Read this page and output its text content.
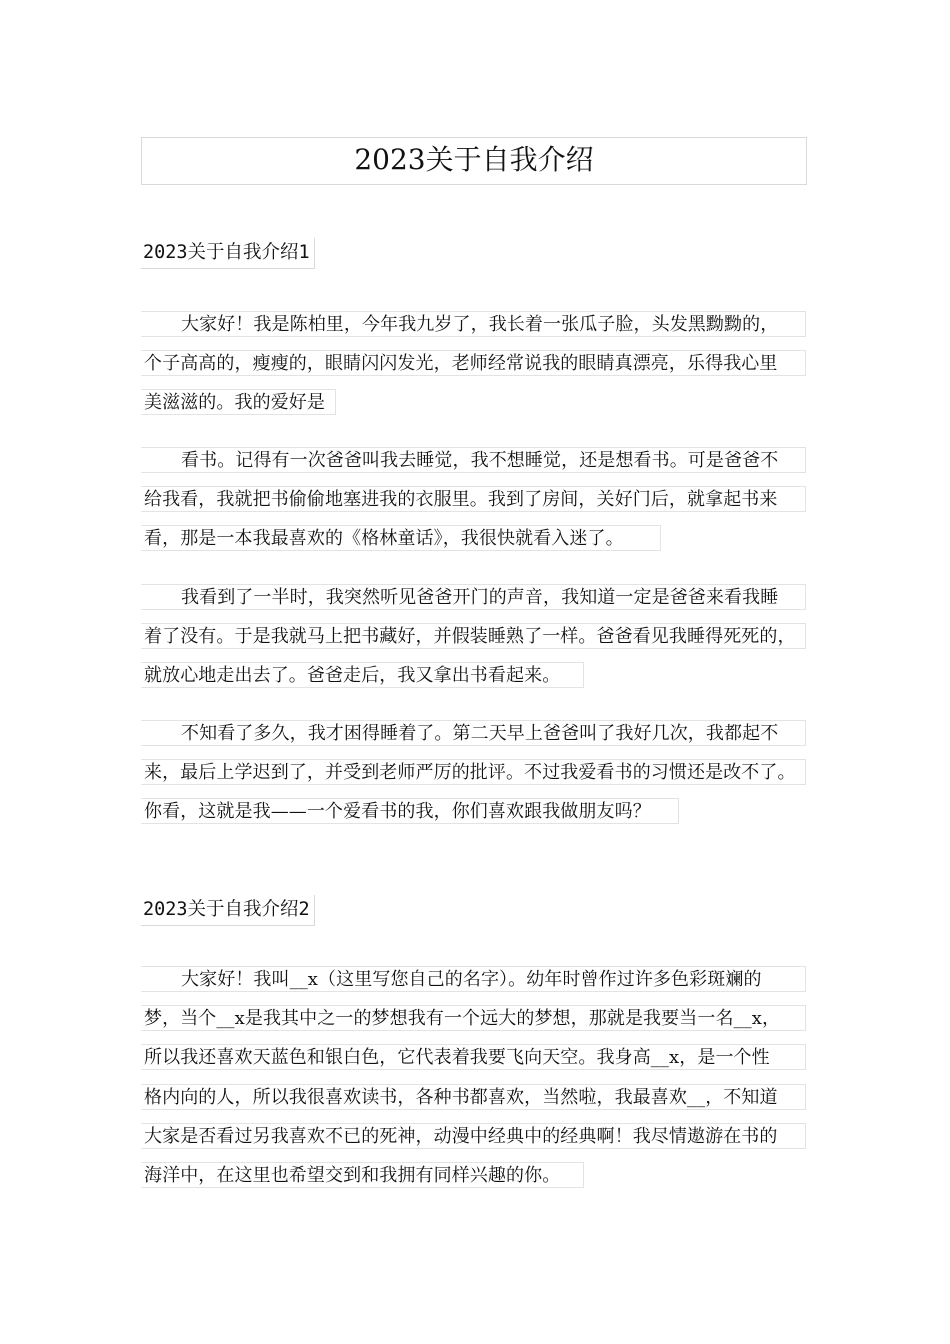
2023关于自我介绍
2023关于自我介绍1
大家好！我是陈柏里，今年我九岁了，我长着一张瓜子脸，头发黑黝黝的，
个子高高的，瘦瘦的，眼睛闪闪发光，老师经常说我的眼睛真漂亮，乐得我心里
美滋滋的。我的爱好是
看书。记得有一次爸爸叫我去睡觉，我不想睡觉，还是想看书。可是爸爸不
给我看，我就把书偷偷地塞进我的衣服里。我到了房间，关好门后，就拿起书来
看，那是一本我最喜欢的《格林童话》，我很快就看入迷了。
我看到了一半时，我突然听见爸爸开门的声音，我知道一定是爸爸来看我睡
着了没有。于是我就马上把书藏好，并假装睡熟了一样。爸爸看见我睡得死死的，
就放心地走出去了。爸爸走后，我又拿出书看起来。
不知看了多久，我才困得睡着了。第二天早上爸爸叫了我好几次，我都起不
来，最后上学迟到了，并受到老师严厉的批评。不过我爱看书的习惯还是改不了。
你看，这就是我——一个爱看书的我，你们喜欢跟我做朋友吗？
2023关于自我介绍2
大家好！我叫__x（这里写您自己的名字）。幼年时曾作过许多色彩斑斓的
梦，当个__x是我其中之一的梦想我有一个远大的梦想，那就是我要当一名__x，
所以我还喜欢天蓝色和银白色，它代表着我要飞向天空。我身高__x，是一个性
格内向的人，所以我很喜欢读书，各种书都喜欢，当然啦，我最喜欢__，不知道
大家是否看过另我喜欢不已的死神，动漫中经典中的经典啊！我尽情遨游在书的
海洋中，在这里也希望交到和我拥有同样兴趣的你。
